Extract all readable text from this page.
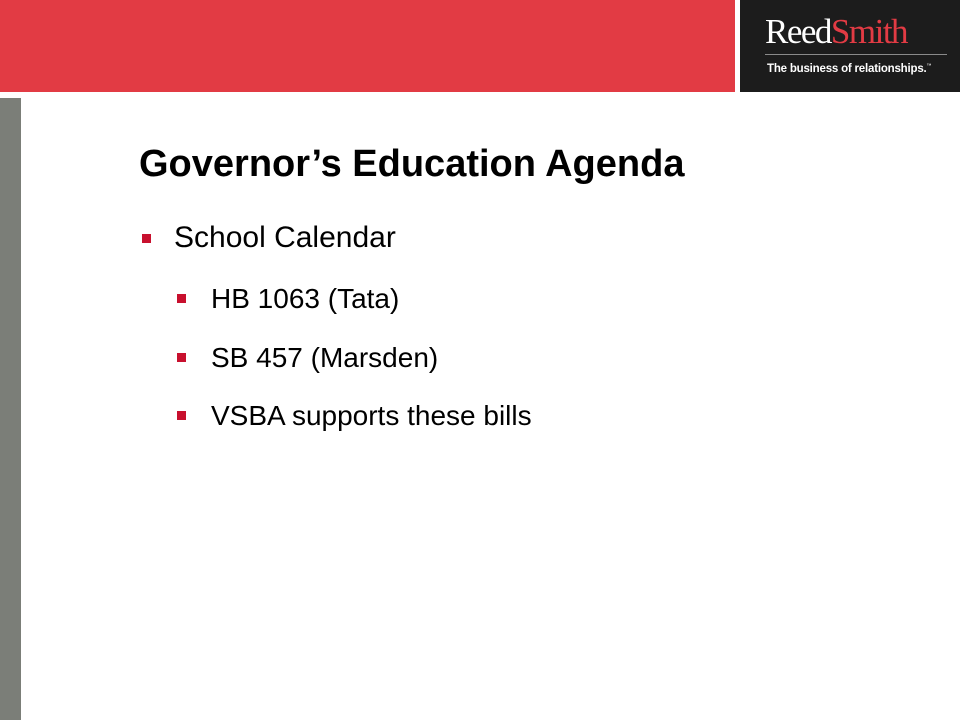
ReedSmith
The business of relationships.™
Governor’s Education Agenda
School Calendar
HB 1063 (Tata)
SB 457 (Marsden)
VSBA supports these bills
